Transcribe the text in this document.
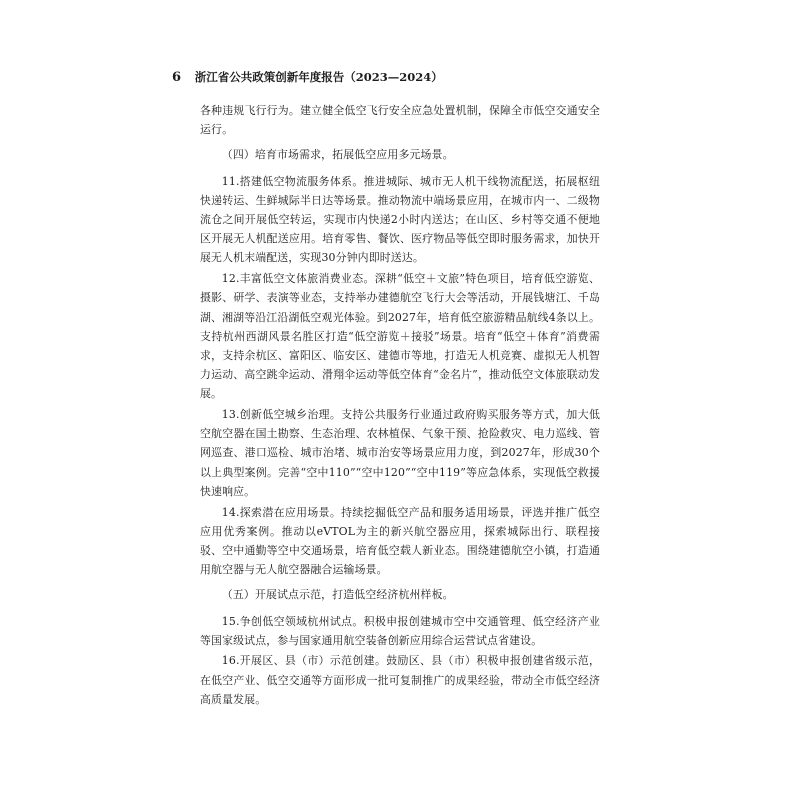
6 浙江省公共政策创新年度报告（2023—2024）

各种违规飞行行为。建立健全低空飞行安全应急处置机制，保障全市低空交通安全运行。

（四）培育市场需求，拓展低空应用多元场景。

11.搭建低空物流服务体系。推进城际、城市无人机干线物流配送，拓展枢纽快递转运、生鲜城际半日达等场景。推动物流中端场景应用，在城市内一、二级物流仓之间开展低空转运，实现市内快递2小时内送达；在山区、乡村等交通不便地区开展无人机配送应用。培育零售、餐饮、医疗物品等低空即时服务需求，加快开展无人机末端配送，实现30分钟内即时送达。

12.丰富低空文体旅消费业态。深耕“低空＋文旅”特色项目，培育低空游览、摄影、研学、表演等业态，支持举办建德航空飞行大会等活动，开展钱塘江、千岛湖、湘湖等沿江沿湖低空观光体验。到2027年，培育低空旅游精品航线4条以上。支持杭州西湖风景名胜区打造“低空游览＋接驳”场景。培育“低空＋体育”消费需求，支持余杭区、富阳区、临安区、建德市等地，打造无人机竞赛、虚拟无人机智力运动、高空跳伞运动、滑翔伞运动等低空体育“金名片”，推动低空文体旅联动发展。

13.创新低空城乡治理。支持公共服务行业通过政府购买服务等方式，加大低空航空器在国土勘察、生态治理、农林植保、气象干预、抢险救灾、电力巡线、管网巡查、港口巡检、城市治堵、城市治安等场景应用力度，到2027年，形成30个以上典型案例。完善“空中110”“空中120”“空中119”等应急体系，实现低空救援快速响应。

14.探索潜在应用场景。持续挖掘低空产品和服务适用场景，评选并推广低空应用优秀案例。推动以eVTOL为主的新兴航空器应用，探索城际出行、联程接驳、空中通勤等空中交通场景，培育低空载人新业态。围绕建德航空小镇，打造通用航空器与无人航空器融合运输场景。

（五）开展试点示范，打造低空经济杭州样板。

15.争创低空领域杭州试点。积极申报创建城市空中交通管理、低空经济产业等国家级试点，参与国家通用航空装备创新应用综合运营试点省建设。

16.开展区、县（市）示范创建。鼓励区、县（市）积极申报创建省级示范，在低空产业、低空交通等方面形成一批可复制推广的成果经验，带动全市低空经济高质量发展。
